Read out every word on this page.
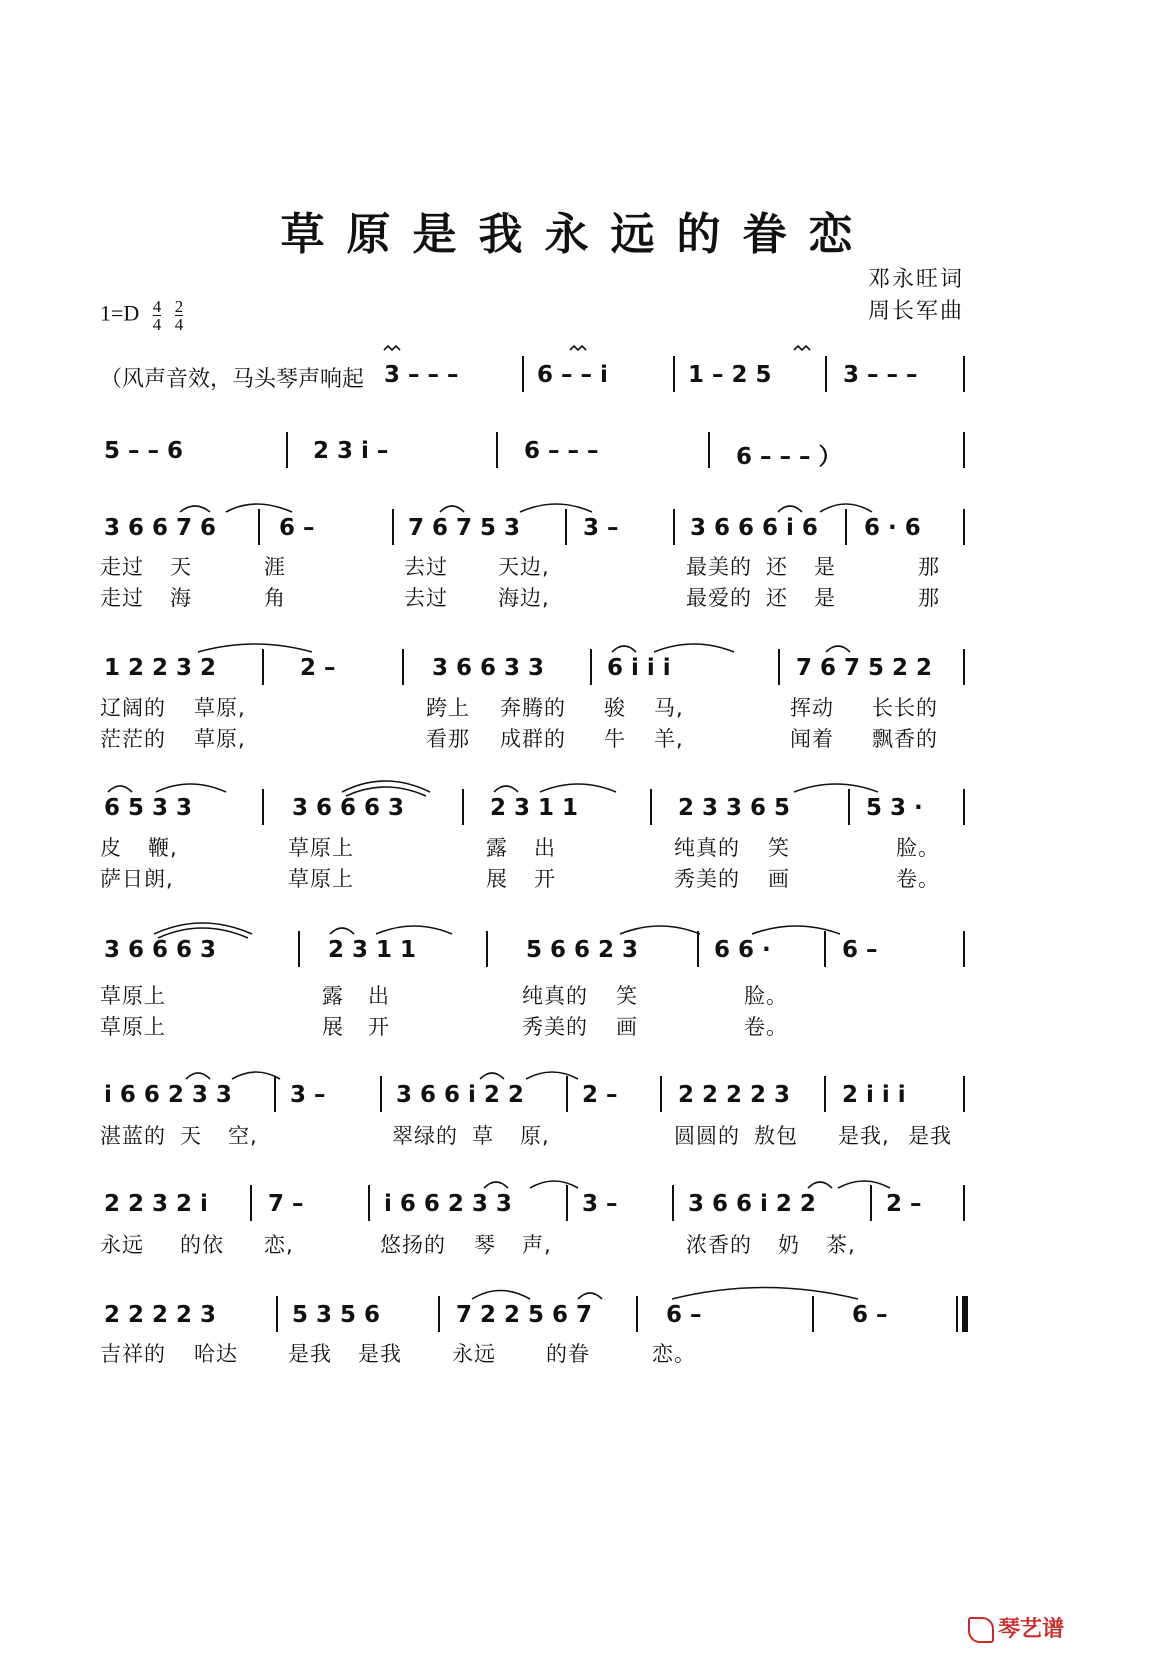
草原是我永远的眷恋
邓永旺词
周长军曲
$1=D \frac{4}{4}$
$\frac{2}{4}$
（风声音效，马头琴声响起 3 – – –	6 – – i	1 – 2 5	3 – – –
5 – – 6	2 3 i –	6 – – –	6 – – – ）
3 6 6 7 6	6 –	7 6 7 5 3	3 –	3 6 6 6 i 6 6 · 6
走过 天	涯	去过 天边,	最美的 还 是	那
走过 海	角	去过 海边,	最爱的 还 是	那
1 2 2 3 2	2 –	3 6 6 3 3	6 i i i	7 6 7 5 2 2
辽阔的 草原,	跨上 奔腾的 骏 马,	挥动 长长的
茫茫的 草原,	看那 成群的 牛 羊,	闻着 飘香的
6 5 3 3	3 6 6 6 3	2 3 1 1	2 3 3 6 5	5 3 ·
皮 鞭,	草原上	露 出	纯真的 笑	脸。
萨日朗,	草原上	展 开	秀美的 画	卷。
3 6 6 6 3	2 3 1 1	5 6 6 2 3	6 6 ·	6 –
草原上	露 出	纯真的 笑	脸。
草原上	展 开	秀美的 画	卷。
i 6 6 2 3 3	3 –	3 6 6 i 2 2	2 –	2 2 2 2 3 2 i i i
湛蓝的 天 空,	翠绿的 草 原,	圆圆的 敖包 是我, 是我
2 2 3 2 i	7 –	i 6 6 2 3 3	3 –	3 6 6 i 2 2	2 –
永远 的依 恋,	悠扬的 琴 声,	浓香的 奶 茶,
2 2 2 2 3	5 3 5 6	7 2 2 5 6 7	6 –	6 –
吉祥的 哈达 是我 是我 永远 的眷	恋。
琴艺谱
